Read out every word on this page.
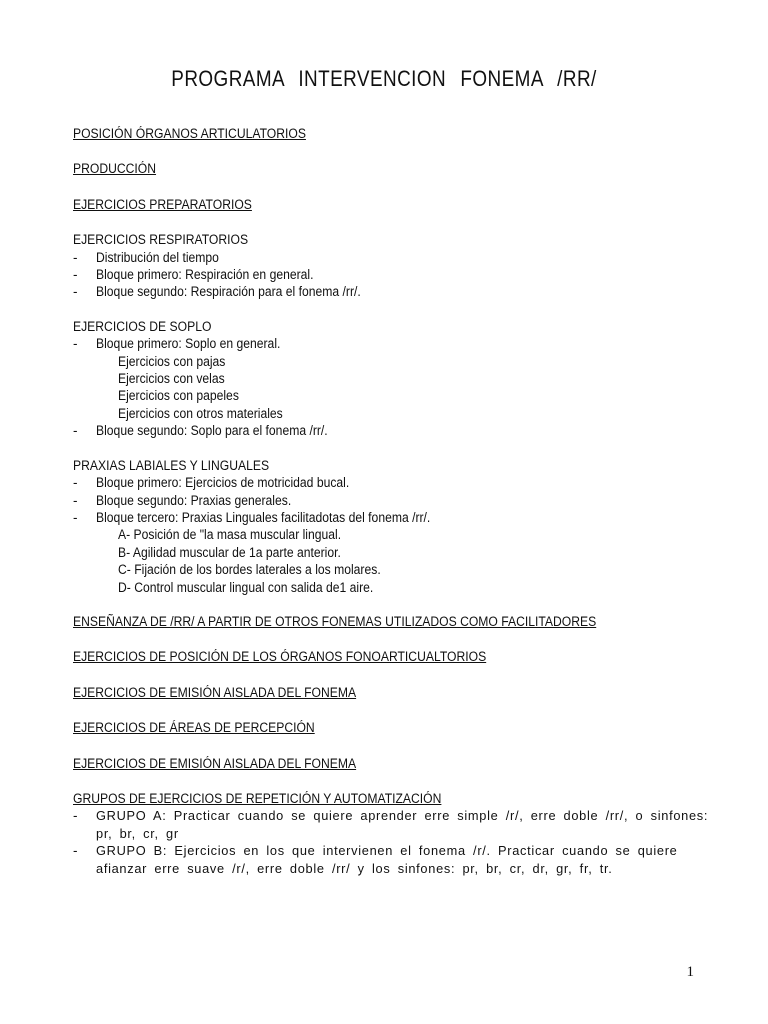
PROGRAMA INTERVENCION FONEMA /RR/
POSICIÓN ÓRGANOS ARTICULATORIOS
PRODUCCIÓN
EJERCICIOS PREPARATORIOS
EJERCICIOS RESPIRATORIOS
- Distribución del tiempo
- Bloque primero: Respiración en general.
- Bloque segundo: Respiración para el fonema /rr/.
EJERCICIOS DE SOPLO
- Bloque primero: Soplo en general.
Ejercicios con pajas
Ejercicios con velas
Ejercicios con papeles
Ejercicios con otros materiales
- Bloque segundo: Soplo para el fonema /rr/.
PRAXIAS LABIALES Y LINGUALES
- Bloque primero: Ejercicios de motricidad bucal.
- Bloque segundo: Praxias generales.
- Bloque tercero: Praxias Linguales facilitadotas del fonema /rr/.
A- Posición de "la masa muscular lingual.
B- Agilidad muscular de 1a parte anterior.
C- Fijación de los bordes laterales a los molares.
D- Control muscular lingual con salida de1 aire.
ENSEÑANZA DE /RR/ A PARTIR DE OTROS FONEMAS UTILIZADOS COMO FACILITADORES
EJERCICIOS DE POSICIÓN DE LOS ÓRGANOS FONOARTICUALTORIOS
EJERCICIOS DE EMISIÓN AISLADA DEL FONEMA
EJERCICIOS DE ÁREAS DE PERCEPCIÓN
EJERCICIOS DE EMISIÓN AISLADA DEL FONEMA
GRUPOS DE EJERCICIOS DE REPETICIÓN Y AUTOMATIZACIÓN
- GRUPO A: Practicar cuando se quiere aprender erre simple /r/, erre doble /rr/, o sinfones: pr, br, cr, gr
- GRUPO B: Ejercicios en los que intervienen el fonema /r/. Practicar cuando se quiere afianzar erre suave /r/, erre doble /rr/ y los sinfones: pr, br, cr, dr, gr, fr, tr.
1
